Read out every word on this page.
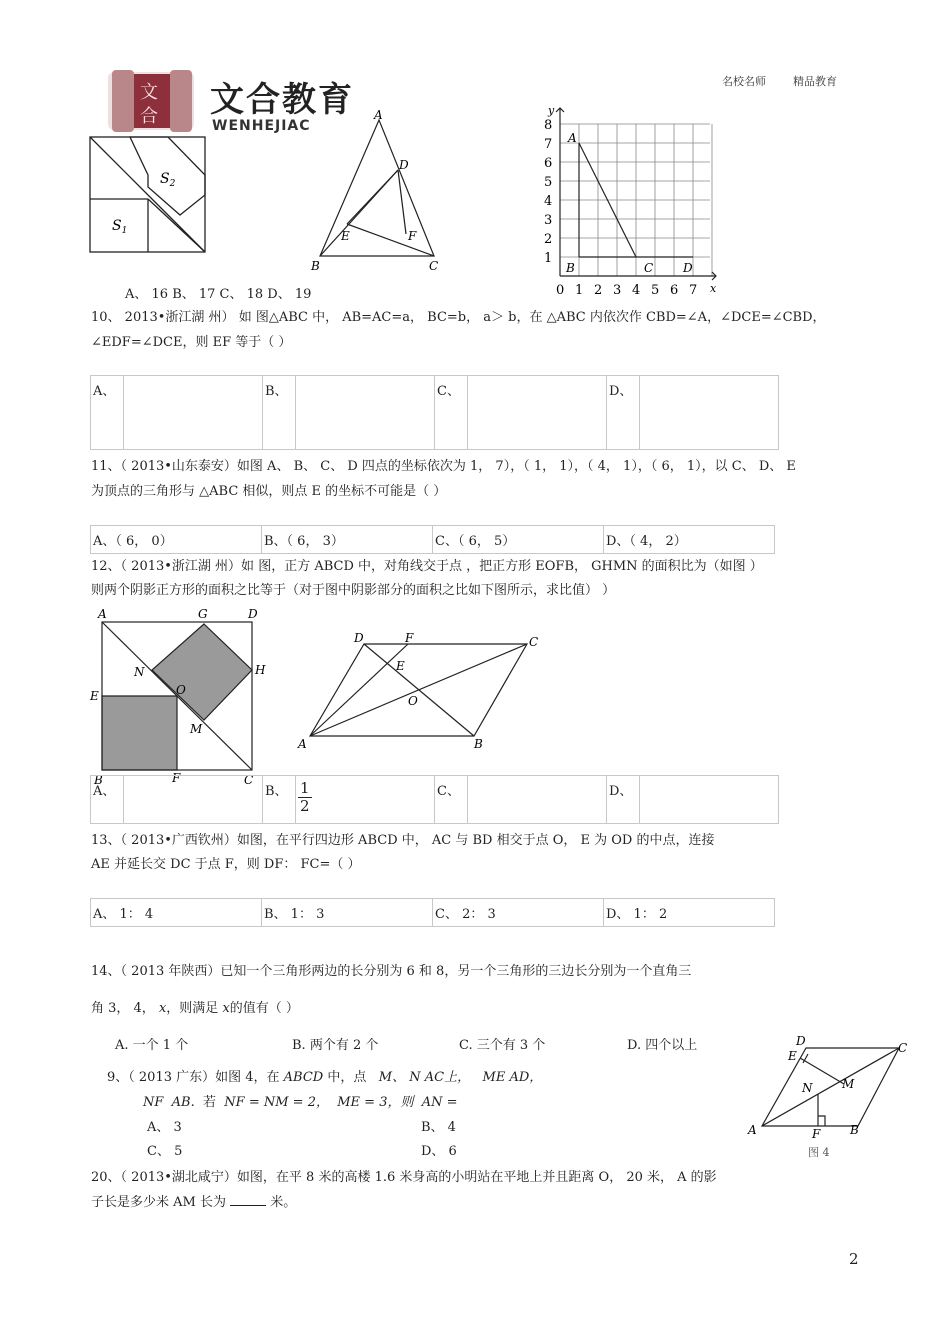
文
合 文合教育
WENHEJIAC
名校名师 精品教育
$S_2$
$S_1$
A
B	C
D
E	F
y
x
A
B	C D
1
2
3
4
5
6
7
8
0 1 2 3 4 5 6 7
A、 16 B、 17 C、 18 D、 19
10、 2013•浙江湖 州） 如 图△ABC 中， AB=AC=a， BC=b， a＞ b，在 △ABC 内依次作 CBD=∠A，∠DCE=∠CBD，
∠EDF=∠DCE，则 EF 等于（ ）
A、		B、		C、		D、	
11、（ 2013•山东泰安）如图 A、 B、 C、 D 四点的坐标依次为 1， 7），（ 1， 1），（ 4， 1），（ 6， 1），以 C、 D、 E
为顶点的三角形与 △ABC 相似，则点 E 的坐标不可能是（ ）
A、（ 6， 0）	B、（ 6， 3）	C、（ 6， 5）	D、（ 4， 2）
12、（ 2013•浙江湖 州）如 图，正方 ABCD 中，对角线交于点 ，把正方形 EOFB， GHMN 的面积比为（如图 ）
则两个阴影正方形的面积之比等于（对于图中阴影部分的面积之比如下图所示，求比值） ）
A	G	D
N	H
O
E
M
B	F	C
D	F	C
E
O
A	B
A、		B、	$\frac{1}{2}$	C、		D、	
13、（ 2013•广西钦州）如图，在平行四边形 ABCD 中， AC 与 BD 相交于点 O， E 为 OD 的中点，连接
AE 并延长交 DC 于点 F，则 DF： FC=（ ）
A、 1： 4	B、 1： 3	C、 2： 3	D、 1： 2
14、（ 2013 年陕西）已知一个三角形两边的长分别为 6 和 8，另一个三角形的三边长分别为一个直角三
角 3， 4， x，则满足 x的值有（ ）
A. 一个 1 个	B. 两个有 2 个	C. 三个有 3 个	D. 四个以上
9、（ 2013 广东）如图 4，在 ABCD 中，点 M、 N AC上， ME AD，
NF AB. 若 NF = NM = 2， ME = 3，则 AN =
A、 3	B、 4
C、 5	D、 6
D	C
E
N M
A	F B
图 4
20、（ 2013•湖北咸宁）如图，在平 8 米的高楼 1.6 米身高的小明站在平地上并且距离 O， 20 米， A 的影
子长是多少米 AM 长为	米。
2
